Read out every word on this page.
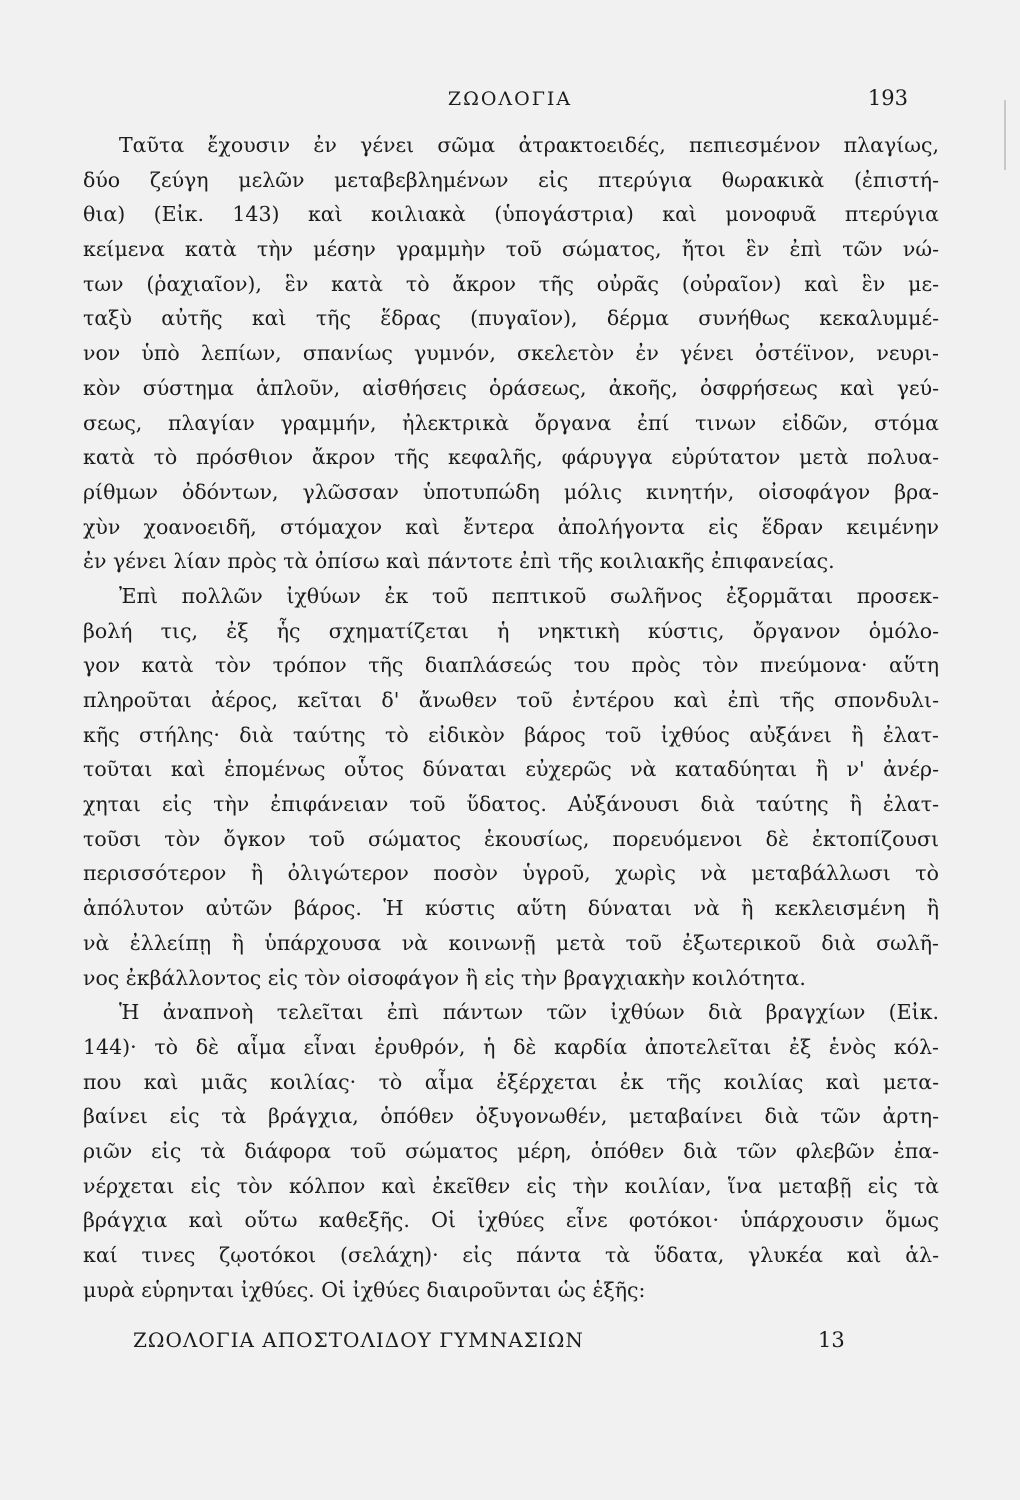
ΖΩΟΛΟΓΙΑ	193
Ταῦτα ἔχουσιν ἐν γένει σῶμα ἀτρακτοειδές, πεπιεσμένον πλαγίως,
δύο ζεύγη μελῶν μεταβεβλημένων εἰς πτερύγια θωρακικὰ (ἐπιστή-
θια) (Εἰκ. 143) καὶ κοιλιακὰ (ὑπογάστρια) καὶ μονοφυᾶ πτερύγια
κείμενα κατὰ τὴν μέσην γραμμὴν τοῦ σώματος, ἤτοι ἓν ἐπὶ τῶν νώ-
των (ῥαχιαῖον), ἓν κατὰ τὸ ἄκρον τῆς οὐρᾶς (οὐραῖον) καὶ ἓν με-
ταξὺ αὐτῆς καὶ τῆς ἕδρας (πυγαῖον), δέρμα συνήθως κεκαλυμμέ-
νον ὑπὸ λεπίων, σπανίως γυμνόν, σκελετὸν ἐν γένει ὀστέϊνον, νευρι-
κὸν σύστημα ἁπλοῦν, αἰσθήσεις ὁράσεως, ἀκοῆς, ὀσφρήσεως καὶ γεύ-
σεως, πλαγίαν γραμμήν, ἠλεκτρικὰ ὄργανα ἐπί τινων εἰδῶν, στόμα
κατὰ τὸ πρόσθιον ἄκρον τῆς κεφαλῆς, φάρυγγα εὐρύτατον μετὰ πολυα-
ρίθμων ὀδόντων, γλῶσσαν ὑποτυπώδη μόλις κινητήν, οἰσοφάγον βρα-
χὺν χοανοειδῆ, στόμαχον καὶ ἔντερα ἀπολήγοντα εἰς ἕδραν κειμένην
ἐν γένει λίαν πρὸς τὰ ὀπίσω καὶ πάντοτε ἐπὶ τῆς κοιλιακῆς ἐπιφανείας.
Ἐπὶ πολλῶν ἰχθύων ἐκ τοῦ πεπτικοῦ σωλῆνος ἐξορμᾶται προσεκ-
βολή τις, ἐξ ἧς σχηματίζεται ἡ νηκτικὴ κύστις, ὄργανον ὁμόλο-
γον κατὰ τὸν τρόπον τῆς διαπλάσεώς του πρὸς τὸν πνεύμονα· αὕτη
πληροῦται ἀέρος, κεῖται δ' ἄνωθεν τοῦ ἐντέρου καὶ ἐπὶ τῆς σπονδυλι-
κῆς στήλης· διὰ ταύτης τὸ εἰδικὸν βάρος τοῦ ἰχθύος αὐξάνει ἢ ἐλατ-
τοῦται καὶ ἑπομένως οὗτος δύναται εὐχερῶς νὰ καταδύηται ἢ ν' ἀνέρ-
χηται εἰς τὴν ἐπιφάνειαν τοῦ ὕδατος. Αὐξάνουσι διὰ ταύτης ἢ ἐλατ-
τοῦσι τὸν ὄγκον τοῦ σώματος ἑκουσίως, πορευόμενοι δὲ ἐκτοπίζουσι
περισσότερον ἢ ὀλιγώτερον ποσὸν ὑγροῦ, χωρὶς νὰ μεταβάλλωσι τὸ
ἀπόλυτον αὐτῶν βάρος. Ἡ κύστις αὕτη δύναται νὰ ἢ κεκλεισμένη ἢ
νὰ ἐλλείπῃ ἢ ὑπάρχουσα νὰ κοινωνῇ μετὰ τοῦ ἐξωτερικοῦ διὰ σωλῆ-
νος ἐκβάλλοντος εἰς τὸν οἰσοφάγον ἢ εἰς τὴν βραγχιακὴν κοιλότητα.
Ἡ ἀναπνοὴ τελεῖται ἐπὶ πάντων τῶν ἰχθύων διὰ βραγχίων (Εἰκ.
144)· τὸ δὲ αἷμα εἶναι ἐρυθρόν, ἡ δὲ καρδία ἀποτελεῖται ἐξ ἑνὸς κόλ-
που καὶ μιᾶς κοιλίας· τὸ αἷμα ἐξέρχεται ἐκ τῆς κοιλίας καὶ μετα-
βαίνει εἰς τὰ βράγχια, ὁπόθεν ὀξυγονωθέν, μεταβαίνει διὰ τῶν ἀρτη-
ριῶν εἰς τὰ διάφορα τοῦ σώματος μέρη, ὁπόθεν διὰ τῶν φλεβῶν ἐπα-
νέρχεται εἰς τὸν κόλπον καὶ ἐκεῖθεν εἰς τὴν κοιλίαν, ἵνα μεταβῇ εἰς τὰ
βράγχια καὶ οὕτω καθεξῆς. Οἱ ἰχθύες εἶνε φοτόκοι· ὑπάρχουσιν ὅμως
καί τινες ζῳοτόκοι (σελάχη)· εἰς πάντα τὰ ὕδατα, γλυκέα καὶ ἁλ-
μυρὰ εὑρηνται ἰχθύες. Οἱ ἰχθύες διαιροῦνται ὡς ἑξῆς:
ΖΩΟΛΟΓΙΑ ΑΠΟΣΤΟΛΙΔΟΥ ΓΥΜΝΑΣΙΩΝ	13
